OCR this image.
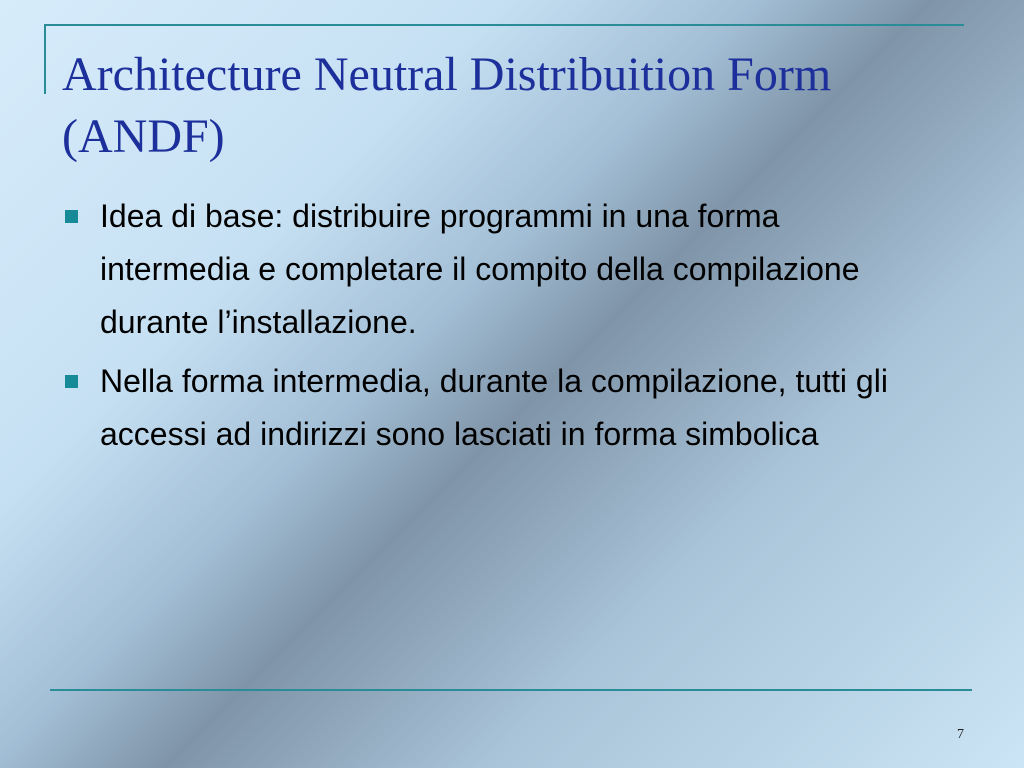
Architecture Neutral Distribuition Form (ANDF)
Idea di base: distribuire programmi in una forma intermedia e completare il compito della compilazione durante l’installazione.
Nella forma intermedia, durante la compilazione, tutti gli accessi ad indirizzi sono lasciati in forma simbolica
7
